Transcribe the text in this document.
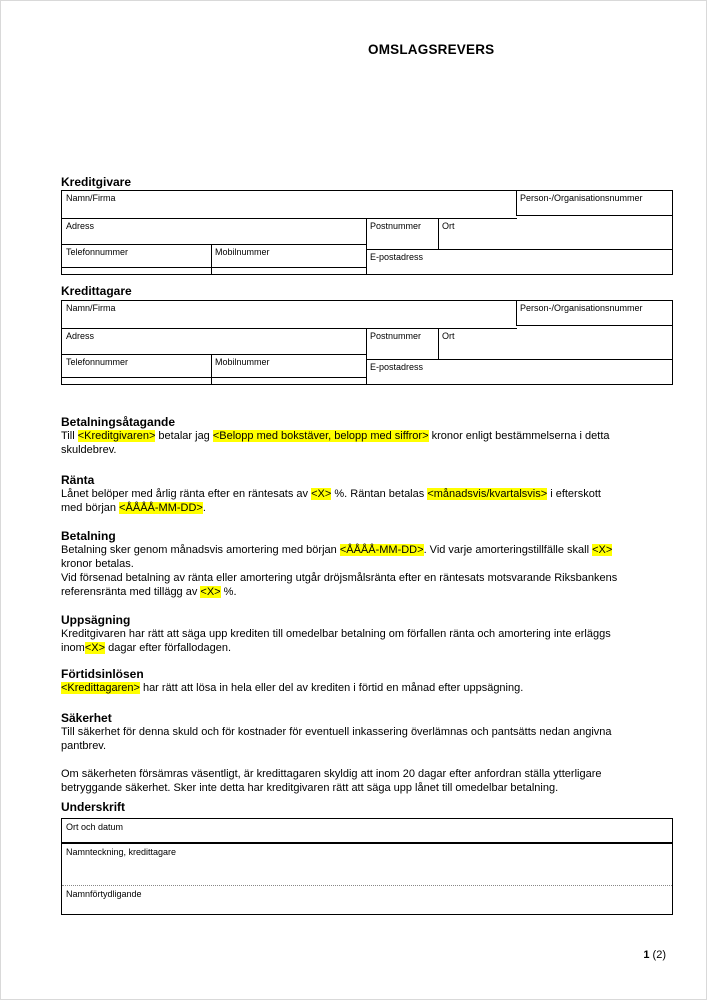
OMSLAGSREVERS
Kreditgivare
Namn/Firma	Person-/Organisationsnummer
Adress	Postnummer Ort
Telefonnummer	Mobilnummer	E-postadress
Kredittagare
Namn/Firma	Person-/Organisationsnummer
Adress	Postnummer Ort
Telefonnummer	Mobilnummer	E-postadress
Betalningsåtagande
Till <Kreditgivaren> betalar jag <Belopp med bokstäver, belopp med siffror> kronor enligt bestämmelserna i detta
skuldebrev.
Ränta
Lånet belöper med årlig ränta efter en räntesats av <X> %. Räntan betalas <månadsvis/kvartalsvis> i efterskott
med början <ÅÅÅÅ-MM-DD>.
Betalning
Betalning sker genom månadsvis amortering med början <ÅÅÅÅ-MM-DD>. Vid varje amorteringstillfälle skall <X>
kronor betalas.
Vid försenad betalning av ränta eller amortering utgår dröjsmålsränta efter en räntesats motsvarande Riksbankens
referensränta med tillägg av <X> %.
Uppsägning
Kreditgivaren har rätt att säga upp krediten till omedelbar betalning om förfallen ränta och amortering inte erläggs
inom<X> dagar efter förfallodagen.
Förtidsinlösen
<Kredittagaren> har rätt att lösa in hela eller del av krediten i förtid en månad efter uppsägning.
Säkerhet
Till säkerhet för denna skuld och för kostnader för eventuell inkassering överlämnas och pantsätts nedan angivna
pantbrev.

Om säkerheten försämras väsentligt, är kredittagaren skyldig att inom 20 dagar efter anfordran ställa ytterligare
betryggande säkerhet. Sker inte detta har kreditgivaren rätt att säga upp lånet till omedelbar betalning.
Underskrift
Ort och datum
Namnteckning, kredittagare
Namnförtydligande
1 (2)
